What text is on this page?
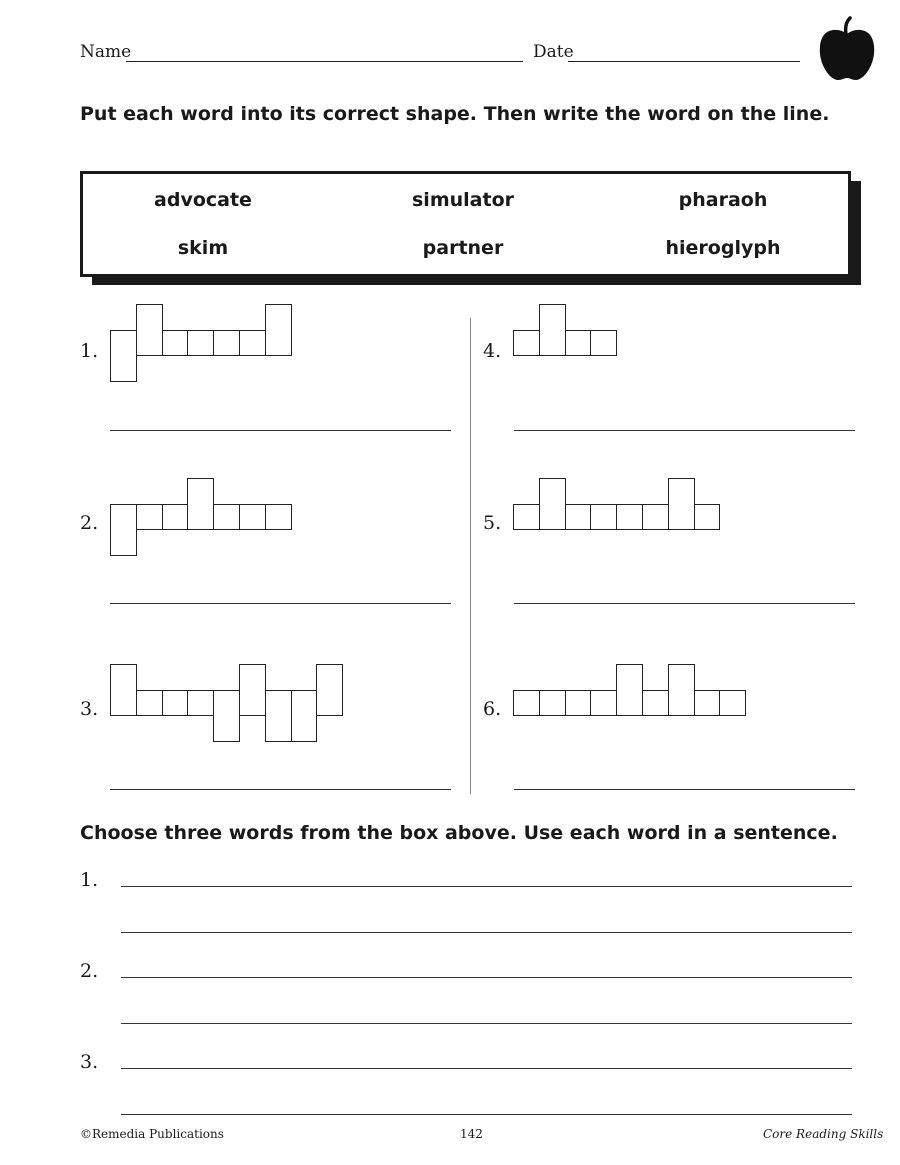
Name	Date
Put each word into its correct shape. Then write the word on the line.
advocate	simulator	pharaoh
skim	partner	hieroglyph
1.
2.
3.
4.
5.
6.
Choose three words from the box above. Use each word in a sentence.
1.
2.
3.
©Remedia Publications	142	Core Reading Skills
